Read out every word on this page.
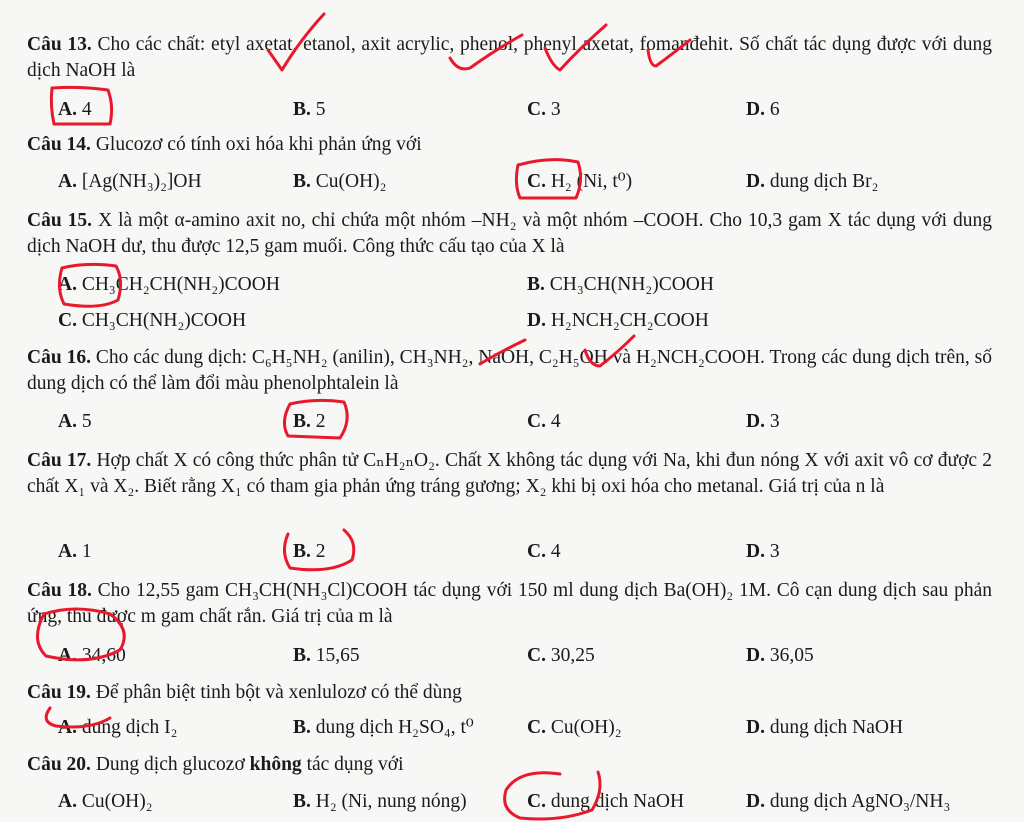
Câu 13. Cho các chất: etyl axetat, etanol, axit acrylic, phenol, phenyl axetat, fomanđehit. Số chất tác dụng được với dung dịch NaOH là
A. 4	B. 5	C. 3	D. 6
Câu 14. Glucozơ có tính oxi hóa khi phản ứng với
A. [Ag(NH₃)₂]OH	B. Cu(OH)₂	C. H₂ (Ni, t⁰)	D. dung dịch Br₂
Câu 15. X là một α-amino axit no, chỉ chứa một nhóm –NH₂ và một nhóm –COOH. Cho 10,3 gam X tác dụng với dung dịch NaOH dư, thu được 12,5 gam muối. Công thức cấu tạo của X là
A. CH₃CH₂CH(NH₂)COOH	B. CH₃CH(NH₂)COOH
C. CH₃CH(NH₂)COOH	D. H₂NCH₂CH₂COOH
Câu 16. Cho các dung dịch: C₆H₅NH₂ (anilin), CH₃NH₂, NaOH, C₂H₅OH và H₂NCH₂COOH. Trong các dung dịch trên, số dung dịch có thể làm đổi màu phenolphtalein là
A. 5	B. 2	C. 4	D. 3
Câu 17. Hợp chất X có công thức phân tử CₙH₂ₙO₂. Chất X không tác dụng với Na, khi đun nóng X với axit vô cơ được 2 chất X₁ và X₂. Biết rằng X₁ có tham gia phản ứng tráng gương; X₂ khi bị oxi hóa cho metanal. Giá trị của n là
A. 1	B. 2	C. 4	D. 3
Câu 18. Cho 12,55 gam CH₃CH(NH₃Cl)COOH tác dụng với 150 ml dung dịch Ba(OH)₂ 1M. Cô cạn dung dịch sau phản ứng, thu được m gam chất rắn. Giá trị của m là
A. 34,60	B. 15,65	C. 30,25	D. 36,05
Câu 19. Để phân biệt tinh bột và xenlulozơ có thể dùng
A. dung dịch I₂	B. dung dịch H₂SO₄, t⁰	C. Cu(OH)₂	D. dung dịch NaOH
Câu 20. Dung dịch glucozơ không tác dụng với
A. Cu(OH)₂	B. H₂ (Ni, nung nóng)	C. dung dịch NaOH	D. dung dịch AgNO₃/NH₃
